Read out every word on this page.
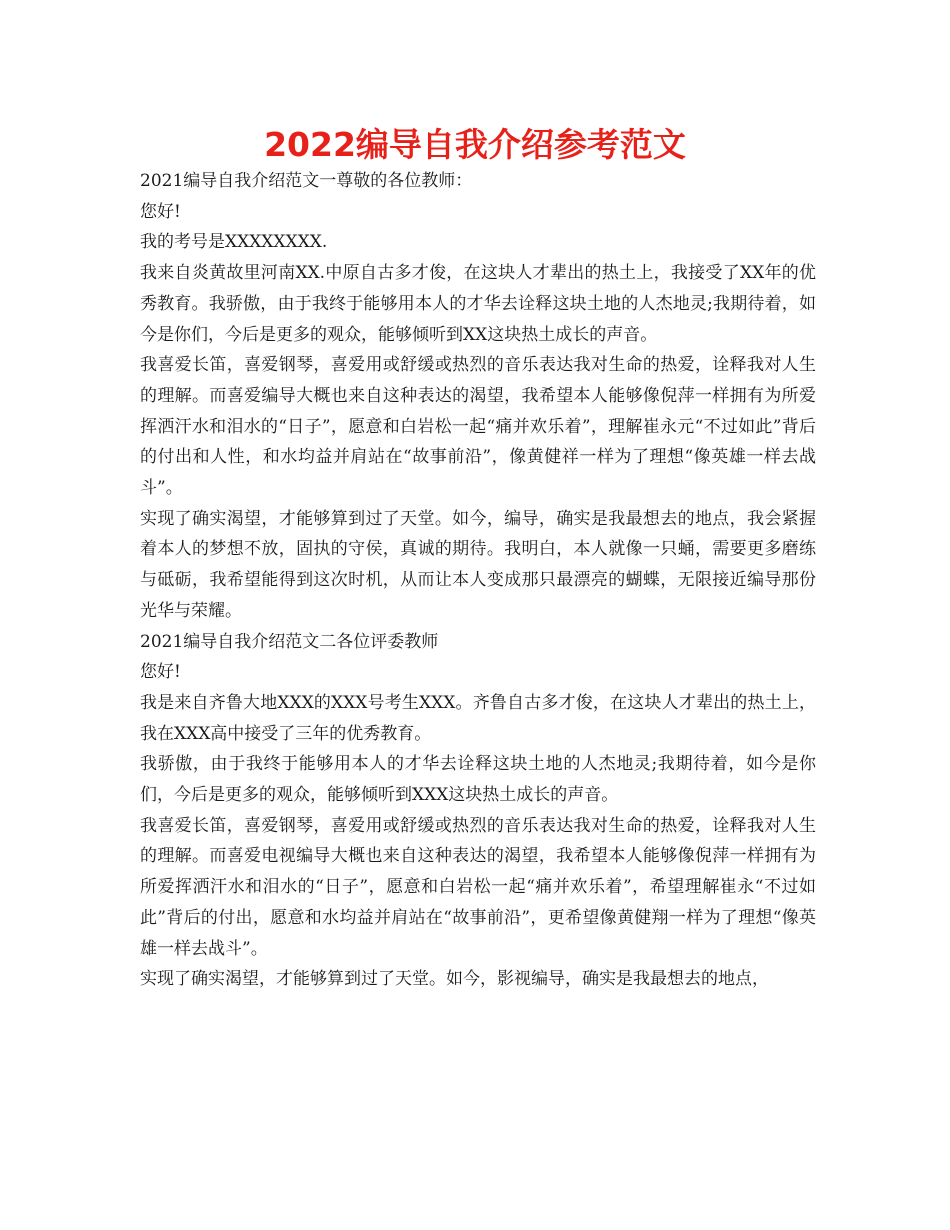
2022编导自我介绍参考范文

2021编导自我介绍范文一尊敬的各位教师：

您好!

我的考号是XXXXXXXX.

我来自炎黄故里河南XX.中原自古多才俊，在这块人才辈出的热土上，我接受了XX年的优秀教育。我骄傲，由于我终于能够用本人的才华去诠释这块土地的人杰地灵;我期待着，如今是你们，今后是更多的观众，能够倾听到XX这块热土成长的声音。

我喜爱长笛，喜爱钢琴，喜爱用或舒缓或热烈的音乐表达我对生命的热爱，诠释我对人生的理解。而喜爱编导大概也来自这种表达的渴望，我希望本人能够像倪萍一样拥有为所爱挥洒汗水和泪水的“日子”，愿意和白岩松一起“痛并欢乐着”，理解崔永元“不过如此”背后的付出和人性，和水均益并肩站在“故事前沿”，像黄健祥一样为了理想“像英雄一样去战斗”。

实现了确实渴望，才能够算到过了天堂。如今，编导，确实是我最想去的地点，我会紧握着本人的梦想不放，固执的守侯，真诚的期待。我明白，本人就像一只蛹，需要更多磨练与砥砺，我希望能得到这次时机，从而让本人变成那只最漂亮的蝴蝶，无限接近编导那份光华与荣耀。

2021编导自我介绍范文二各位评委教师

您好!

我是来自齐鲁大地XXX的XXX号考生XXX。齐鲁自古多才俊，在这块人才辈出的热土上，我在XXX高中接受了三年的优秀教育。

我骄傲，由于我终于能够用本人的才华去诠释这块土地的人杰地灵;我期待着，如今是你们，今后是更多的观众，能够倾听到XXX这块热土成长的声音。

我喜爱长笛，喜爱钢琴，喜爱用或舒缓或热烈的音乐表达我对生命的热爱，诠释我对人生的理解。而喜爱电视编导大概也来自这种表达的渴望，我希望本人能够像倪萍一样拥有为所爱挥洒汗水和泪水的“日子”，愿意和白岩松一起“痛并欢乐着”，希望理解崔永“不过如此”背后的付出，愿意和水均益并肩站在“故事前沿”，更希望像黄健翔一样为了理想“像英雄一样去战斗”。

实现了确实渴望，才能够算到过了天堂。如今，影视编导，确实是我最想去的地点，
